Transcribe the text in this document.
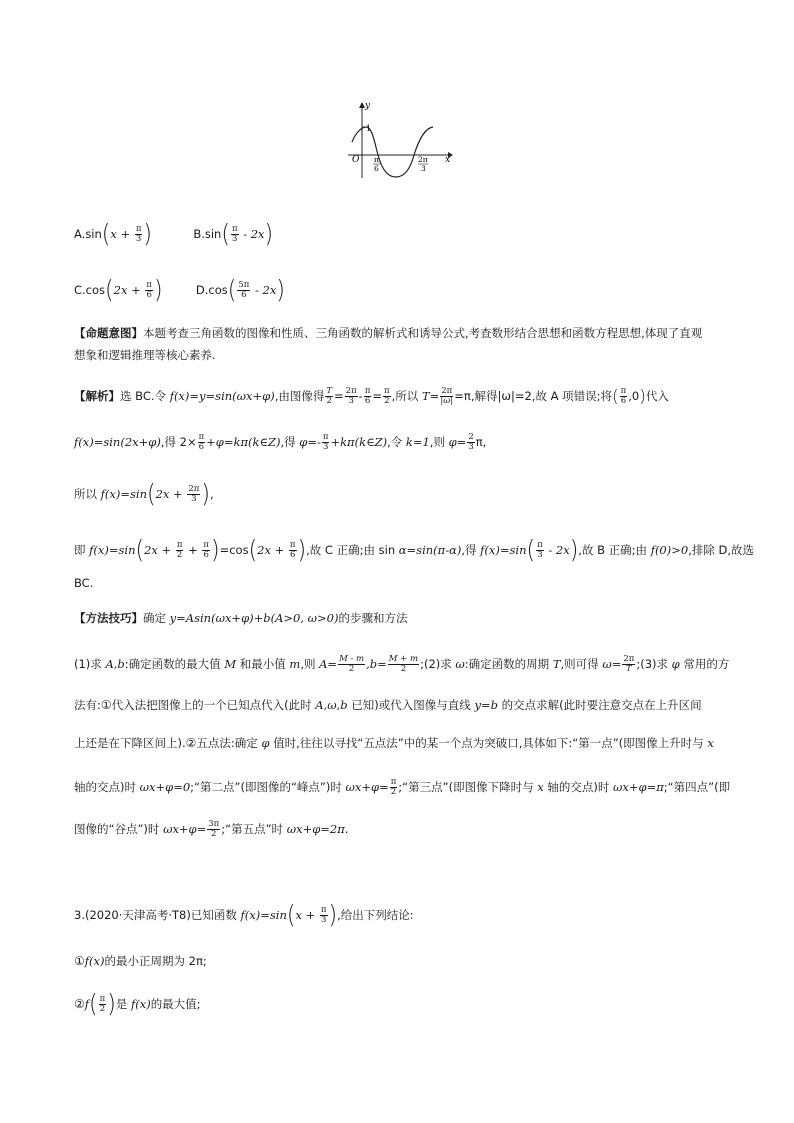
y
x
O
1
π
6
2π
3
$A.\sin(x + \frac{\pi}{3}$ )	$B.\sin( \frac{\pi}{3} - 2x)$
$C.\cos(2x + \frac{\pi}{6}$ )	$D.\cos( \frac{5\pi}{6} - 2x)$
【命题意图】本题考查三角函数的图像和性质、三角函数的解析式和诱导公式,考查数形结合思想和函数方程思想,体现了直观
想象和逻辑推理等核心素养.
【解析】选 BC.令 f(x)=y=sin(ωx+φ),由图像得 $\frac{T}{2} = \frac{2\pi}{3} - \frac{\pi}{6} = \frac{\pi}{2}$ ,所以 $T= \frac{2\pi}{|\omega|} =\pi$,解得|ω|=2,故 A 项错误;将( $\frac{\pi}{6} ,0$)代入
f(x)=sin(2x+φ),得 $2\times \frac{\pi}{6}$ +φ=kπ(k∈Z),得 $\varphi=- \frac{\pi}{3}$ +kπ(k∈Z),令 k=1,则 $\varphi= \frac{2}{3} \pi$,
所以 $f(x)=\sin(2x + \frac{2\pi}{3}$ ),
即 $f(x)=\sin(2x + \frac{\pi}{2} + \frac{\pi}{6} )=\cos(2x + \frac{\pi}{6}$ ),故 C 正确;由 sin α=sin(π-α),得 $f(x)=\sin( \frac{\pi}{3} - 2x)$,故 B 正确;由 f(0)>0,排除 D,故选
BC.
【方法技巧】确定 y=Asin(ωx+φ)+b(A>0, ω>0)的步骤和方法
(1)求 A,b:确定函数的最大值 M 和最小值 m,则 $A= \frac{M - m}{2} ,b= \frac{M + m}{2}$ ;(2)求 ω:确定函数的周期 T,则可得 $\omega= \frac{2\pi}{T}$ ;(3)求 φ 常用的方
法有:①代入法把图像上的一个已知点代入(此时 A,ω,b 已知)或代入图像与直线 y=b 的交点求解(此时要注意交点在上升区间
上还是在下降区间上).②五点法:确定 φ 值时,往往以寻找“五点法”中的某一个点为突破口,具体如下:“第一点”(即图像上升时与 x
轴的交点)时 ωx+φ=0;“第二点”(即图像的“峰点”)时 $\omega x+\varphi= \frac{\pi}{2}$ ;“第三点”(即图像下降时与 x 轴的交点)时 ωx+φ=π;“第四点”(即
图像的“谷点”)时 $\omega x+\varphi= \frac{3\pi}{2}$ ;“第五点”时 ωx+φ=2π.
3.(2020·天津高考·T8)已知函数 $f(x)=\sin(x + \frac{\pi}{3}$ ),给出下列结论:
①f(x)的最小正周期为 2π;
②f( $\frac{\pi}{2}$ )是 f(x)的最大值;
